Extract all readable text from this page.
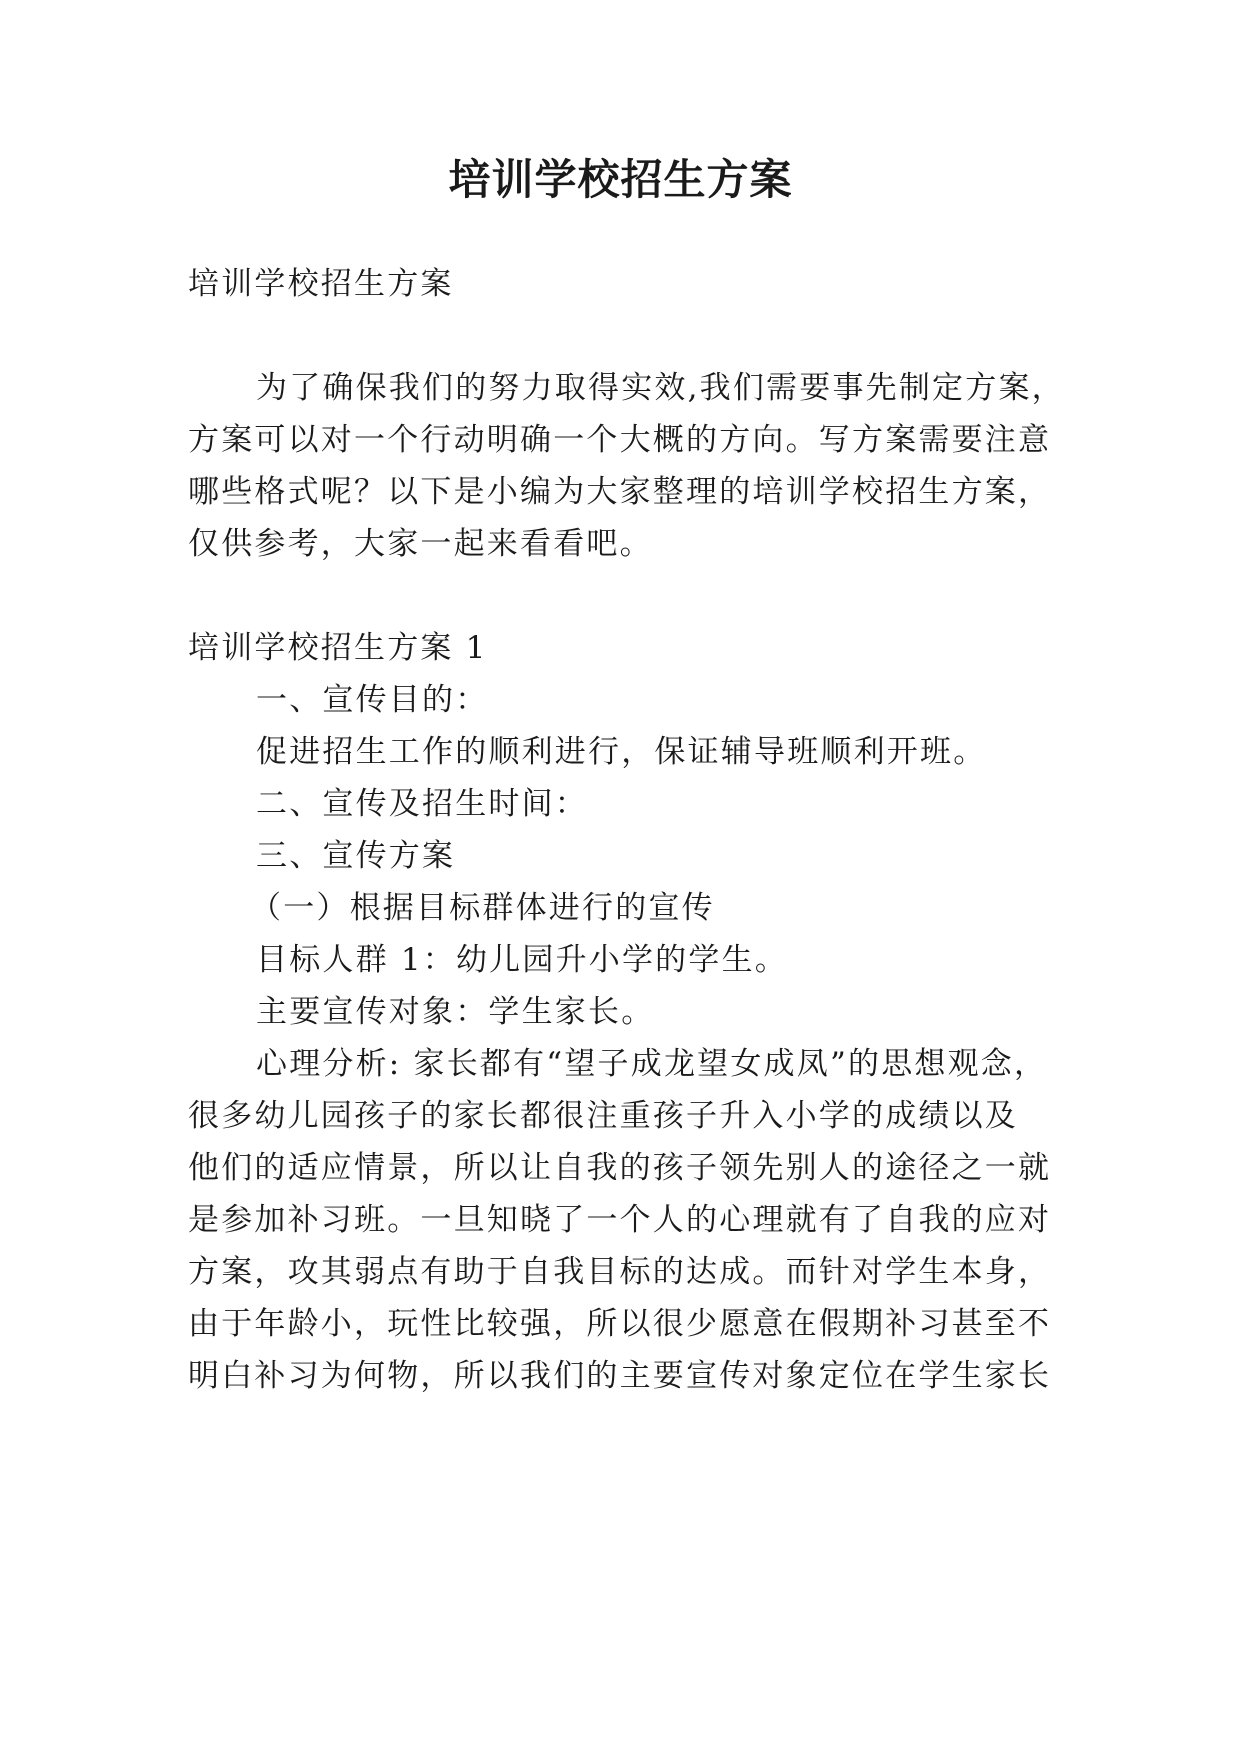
培训学校招生方案
培训学校招生方案
为了确保我们的努力取得实效,我们需要事先制定方案，
方案可以对一个行动明确一个大概的方向。写方案需要注意
哪些格式呢？以下是小编为大家整理的培训学校招生方案，
仅供参考，大家一起来看看吧。
培训学校招生方案 1
一、宣传目的：
促进招生工作的顺利进行，保证辅导班顺利开班。
二、宣传及招生时间：
三、宣传方案
（一）根据目标群体进行的宣传
目标人群 1：幼儿园升小学的学生。
主要宣传对象：学生家长。
心理分析: 家长都有“望子成龙望女成凤”的思想观念，
很多幼儿园孩子的家长都很注重孩子升入小学的成绩以及
他们的适应情景，所以让自我的孩子领先别人的途径之一就
是参加补习班。一旦知晓了一个人的心理就有了自我的应对
方案，攻其弱点有助于自我目标的达成。而针对学生本身，
由于年龄小，玩性比较强，所以很少愿意在假期补习甚至不
明白补习为何物，所以我们的主要宣传对象定位在学生家长
